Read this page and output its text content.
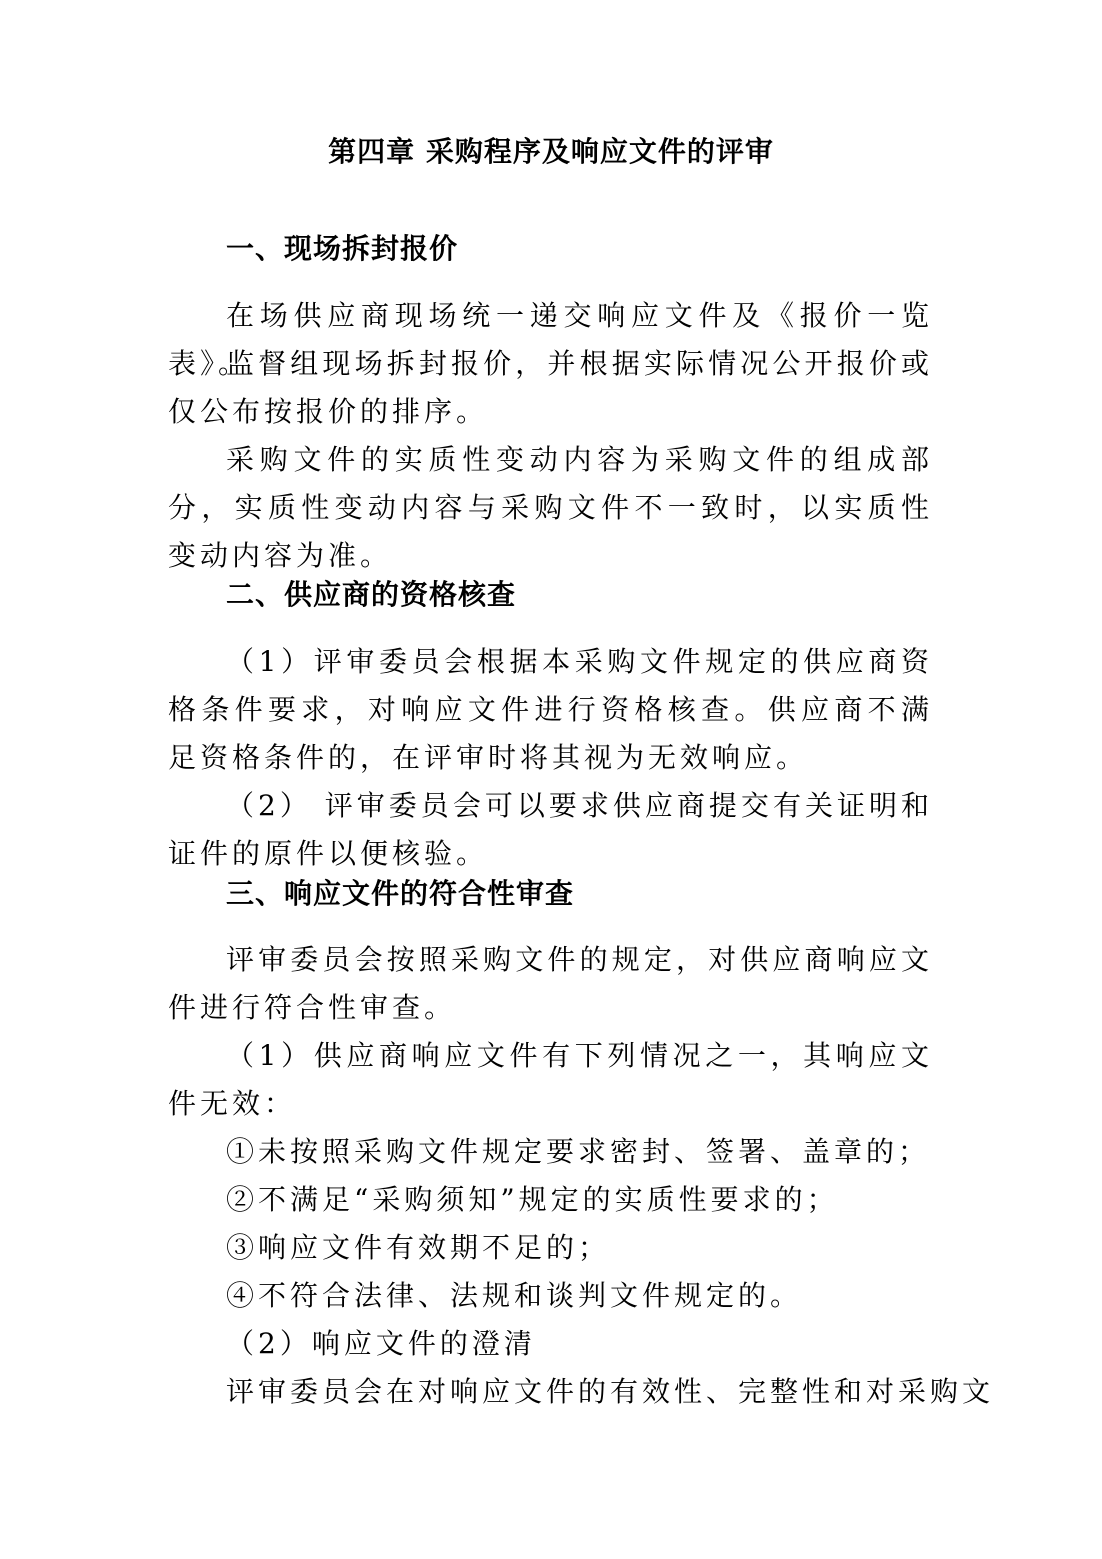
第四章 采购程序及响应文件的评审
一、现场拆封报价

在场供应商现场统一递交响应文件及《报价一览表》。

监督组现场拆封报价，并根据实际情况公开报价或仅公布按报价的排序。

采购文件的实质性变动内容为采购文件的组成部分，实质性变动内容与采购文件不一致时，以实质性变动内容为准。

二、供应商的资格核查

（1）评审委员会根据本采购文件规定的供应商资格条件要求，对响应文件进行资格核查。供应商不满足资格条件的，在评审时将其视为无效响应。

（2） 评审委员会可以要求供应商提交有关证明和证件的原件以便核验。

三、响应文件的符合性审查

评审委员会按照采购文件的规定，对供应商响应文件进行符合性审查。

（1）供应商响应文件有下列情况之一，其响应文件无效：

①未按照采购文件规定要求密封、签署、盖章的；

②不满足“采购须知”规定的实质性要求的；

③响应文件有效期不足的；

④不符合法律、法规和谈判文件规定的。

（2）响应文件的澄清

评审委员会在对响应文件的有效性、完整性和对采购文
